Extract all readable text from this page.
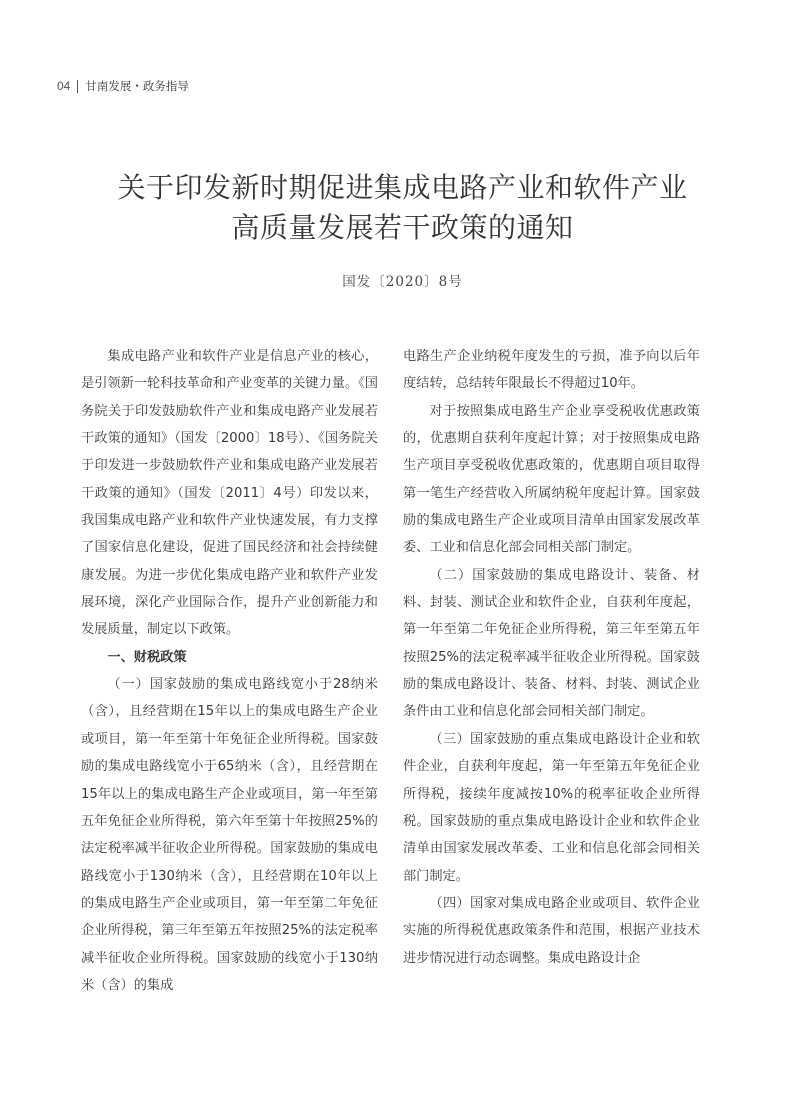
04 甘南发展・政务指导
关于印发新时期促进集成电路产业和软件产业
高质量发展若干政策的通知
国发〔2020〕8号

集成电路产业和软件产业是信息产业的核心，是引领新一轮科技革命和产业变革的关键力量。《国务院关于印发鼓励软件产业和集成电路产业发展若干政策的通知》（国发〔2000〕18号）、《国务院关于印发进一步鼓励软件产业和集成电路产业发展若干政策的通知》（国发〔2011〕4号）印发以来，我国集成电路产业和软件产业快速发展，有力支撑了国家信息化建设，促进了国民经济和社会持续健康发展。为进一步优化集成电路产业和软件产业发展环境，深化产业国际合作，提升产业创新能力和发展质量，制定以下政策。

一、财税政策

（一）国家鼓励的集成电路线宽小于28纳米（含），且经营期在15年以上的集成电路生产企业或项目，第一年至第十年免征企业所得税。国家鼓励的集成电路线宽小于65纳米（含），且经营期在15年以上的集成电路生产企业或项目，第一年至第五年免征企业所得税，第六年至第十年按照25%的法定税率减半征收企业所得税。国家鼓励的集成电路线宽小于130纳米（含），且经营期在10年以上的集成电路生产企业或项目，第一年至第二年免征企业所得税，第三年至第五年按照25%的法定税率减半征收企业所得税。国家鼓励的线宽小于130纳米（含）的集成

电路生产企业纳税年度发生的亏损，准予向以后年度结转，总结转年限最长不得超过10年。

对于按照集成电路生产企业享受税收优惠政策的，优惠期自获利年度起计算；对于按照集成电路生产项目享受税收优惠政策的，优惠期自项目取得第一笔生产经营收入所属纳税年度起计算。国家鼓励的集成电路生产企业或项目清单由国家发展改革委、工业和信息化部会同相关部门制定。

（二）国家鼓励的集成电路设计、装备、材料、封装、测试企业和软件企业，自获利年度起，第一年至第二年免征企业所得税，第三年至第五年按照25%的法定税率减半征收企业所得税。国家鼓励的集成电路设计、装备、材料、封装、测试企业条件由工业和信息化部会同相关部门制定。

（三）国家鼓励的重点集成电路设计企业和软件企业，自获利年度起，第一年至第五年免征企业所得税，接续年度减按10%的税率征收企业所得税。国家鼓励的重点集成电路设计企业和软件企业清单由国家发展改革委、工业和信息化部会同相关部门制定。

（四）国家对集成电路企业或项目、软件企业实施的所得税优惠政策条件和范围，根据产业技术进步情况进行动态调整。集成电路设计企
